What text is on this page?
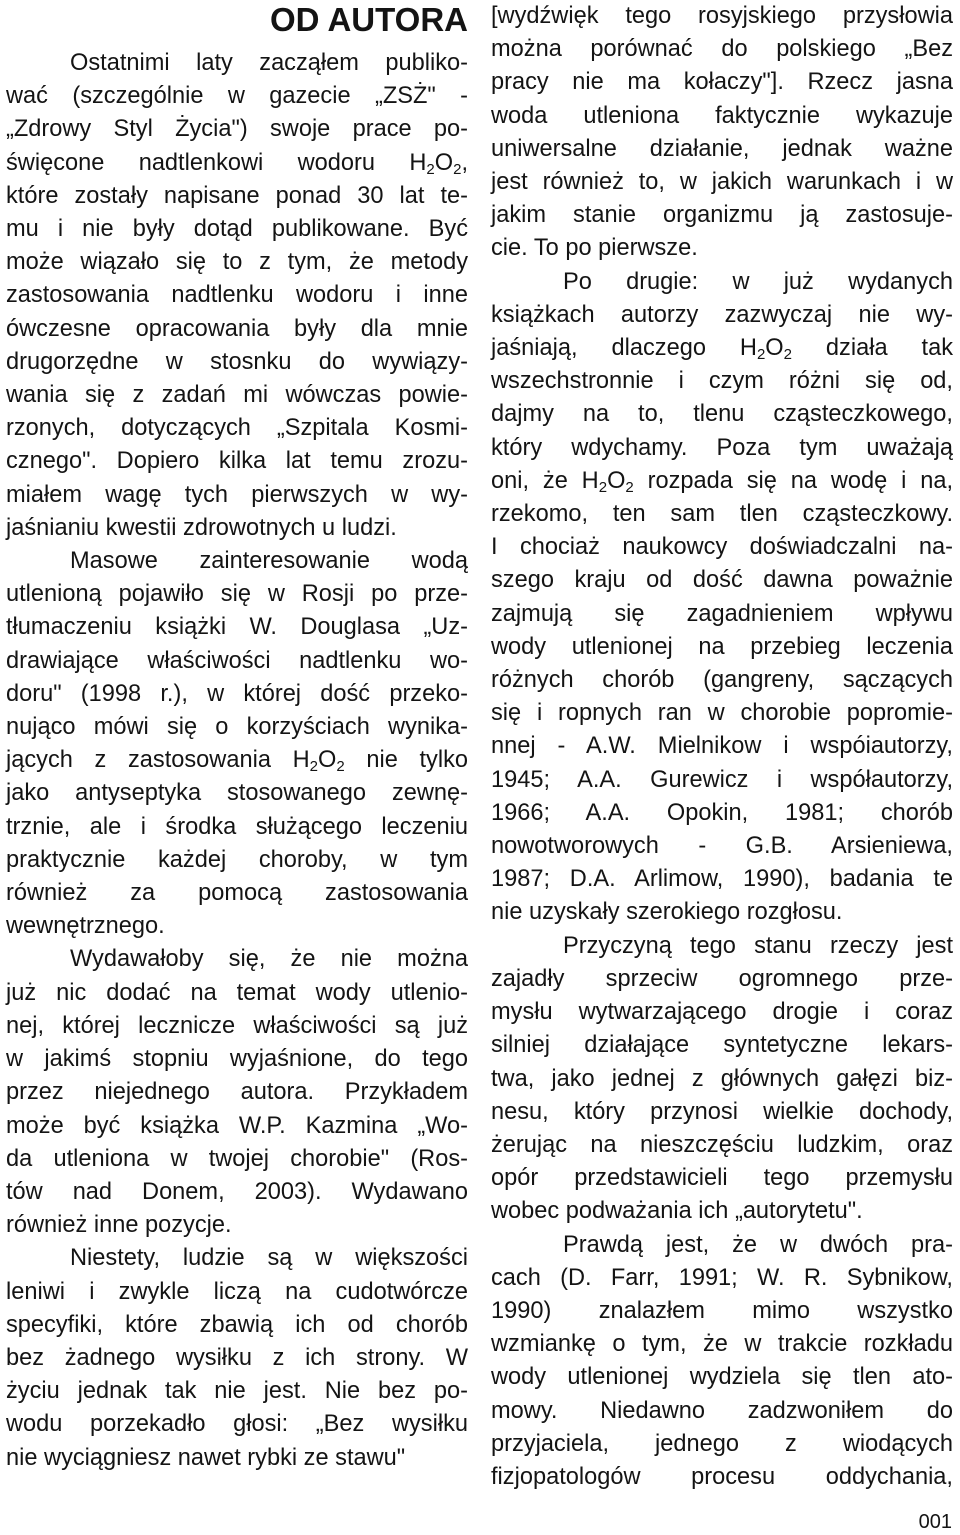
OD AUTORA

Ostatnimi laty zacząłem publiko-
wać (szczególnie w gazecie „ZSŻ" -
„Zdrowy Styl Życia") swoje prace po-
święcone nadtlenkowi wodoru $H_2O_2$,
które zostały napisane ponad 30 lat te-
mu i nie były dotąd publikowane. Być
może wiązało się to z tym, że metody
zastosowania nadtlenku wodoru i inne
ówczesne opracowania były dla mnie
drugorzędne w stosnku do wywiązy-
wania się z zadań mi wówczas powie-
rzonych, dotyczących „Szpitala Kosmi-
cznego". Dopiero kilka lat temu zrozu-
miałem wagę tych pierwszych w wy-
jaśnianiu kwestii zdrowotnych u ludzi.

Masowe zainteresowanie wodą
utlenioną pojawiło się w Rosji po prze-
tłumaczeniu książki W. Douglasa „Uz-
drawiające właściwości nadtlenku wo-
doru" (1998 r.), w której dość przeko-
nująco mówi się o korzyściach wynika-
jących z zastosowania $H_2O_2$ nie tylko
jako antyseptyka stosowanego zewnę-
trznie, ale i środka służącego leczeniu
praktycznie każdej choroby, w tym
również za pomocą zastosowania
wewnętrznego.

Wydawałoby się, że nie można
już nic dodać na temat wody utlenio-
nej, której lecznicze właściwości są już
w jakimś stopniu wyjaśnione, do tego
przez niejednego autora. Przykładem
może być książka W.P. Kazmina „Wo-
da utleniona w twojej chorobie" (Ros-
tów nad Donem, 2003). Wydawano
również inne pozycje.

Niestety, ludzie są w większości
leniwi i zwykle liczą na cudotwórcze
specyfiki, które zbawią ich od chorób
bez żadnego wysiłku z ich strony. W
życiu jednak tak nie jest. Nie bez po-
wodu porzekadło głosi: „Bez wysiłku
nie wyciągniesz nawet rybki ze stawu"

[wydźwięk tego rosyjskiego przysłowia
można porównać do polskiego „Bez
pracy nie ma kołaczy"]. Rzecz jasna
woda utleniona faktycznie wykazuje
uniwersalne działanie, jednak ważne
jest również to, w jakich warunkach i w
jakim stanie organizmu ją zastosuje-
cie. To po pierwsze.

Po drugie: w już wydanych
książkach autorzy zazwyczaj nie wy-
jaśniają, dlaczego $H_2O_2$ działa tak
wszechstronnie i czym różni się od,
dajmy na to, tlenu cząsteczkowego,
który wdychamy. Poza tym uważają
oni, że $H_2O_2$ rozpada się na wodę i na,
rzekomo, ten sam tlen cząsteczkowy.
I chociaż naukowcy doświadczalni na-
szego kraju od dość dawna poważnie
zajmują się zagadnieniem wpływu
wody utlenionej na przebieg leczenia
różnych chorób (gangreny, sączących
się i ropnych ran w chorobie popromie-
nnej - A.W. Mielnikow i wspóiautorzy,
1945; A.A. Gurewicz i współautorzy,
1966; A.A. Opokin, 1981; chorób
nowotworowych - G.B. Arsieniewa,
1987; D.A. Arlimow, 1990), badania te
nie uzyskały szerokiego rozgłosu.

Przyczyną tego stanu rzeczy jest
zajadły sprzeciw ogromnego prze-
mysłu wytwarzającego drogie i coraz
silniej działające syntetyczne lekars-
twa, jako jednej z głównych gałęzi biz-
nesu, który przynosi wielkie dochody,
żerując na nieszczęściu ludzkim, oraz
opór przedstawicieli tego przemysłu
wobec podważania ich „autorytetu".

Prawdą jest, że w dwóch pra-
cach (D. Farr, 1991; W. R. Sybnikow,
1990) znalazłem mimo wszystko
wzmiankę o tym, że w trakcie rozkładu
wody utlenionej wydziela się tlen ato-
mowy. Niedawno zadzwoniłem do
przyjaciela, jednego z wiodących
fizjopatologów procesu oddychania,

001
